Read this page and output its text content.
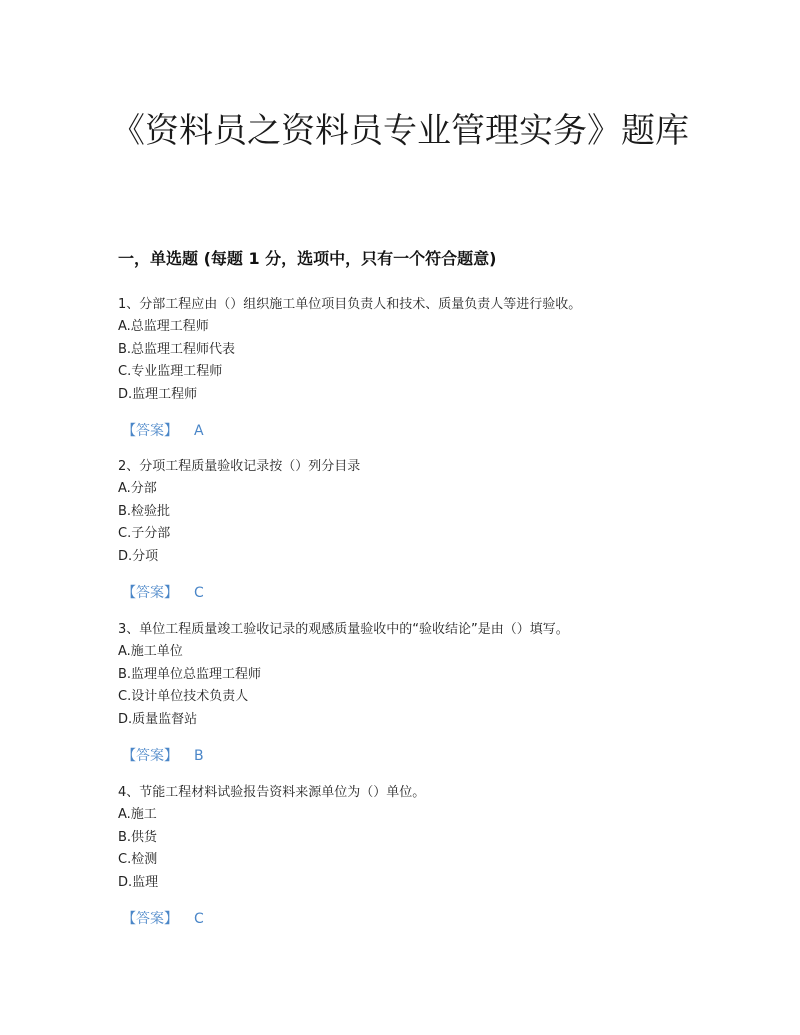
《资料员之资料员专业管理实务》题库
一，单选题 (每题 1 分，选项中，只有一个符合题意)
1、分部工程应由（）组织施工单位项目负责人和技术、质量负责人等进行验收。
A.总监理工程师
B.总监理工程师代表
C.专业监理工程师
D.监理工程师
【答案】 A
2、分项工程质量验收记录按（）列分目录
A.分部
B.检验批
C.子分部
D.分项
【答案】 C
3、单位工程质量竣工验收记录的观感质量验收中的“验收结论”是由（）填写。
A.施工单位
B.监理单位总监理工程师
C.设计单位技术负责人
D.质量监督站
【答案】 B
4、节能工程材料试验报告资料来源单位为（）单位。
A.施工
B.供货
C.检测
D.监理
【答案】 C
